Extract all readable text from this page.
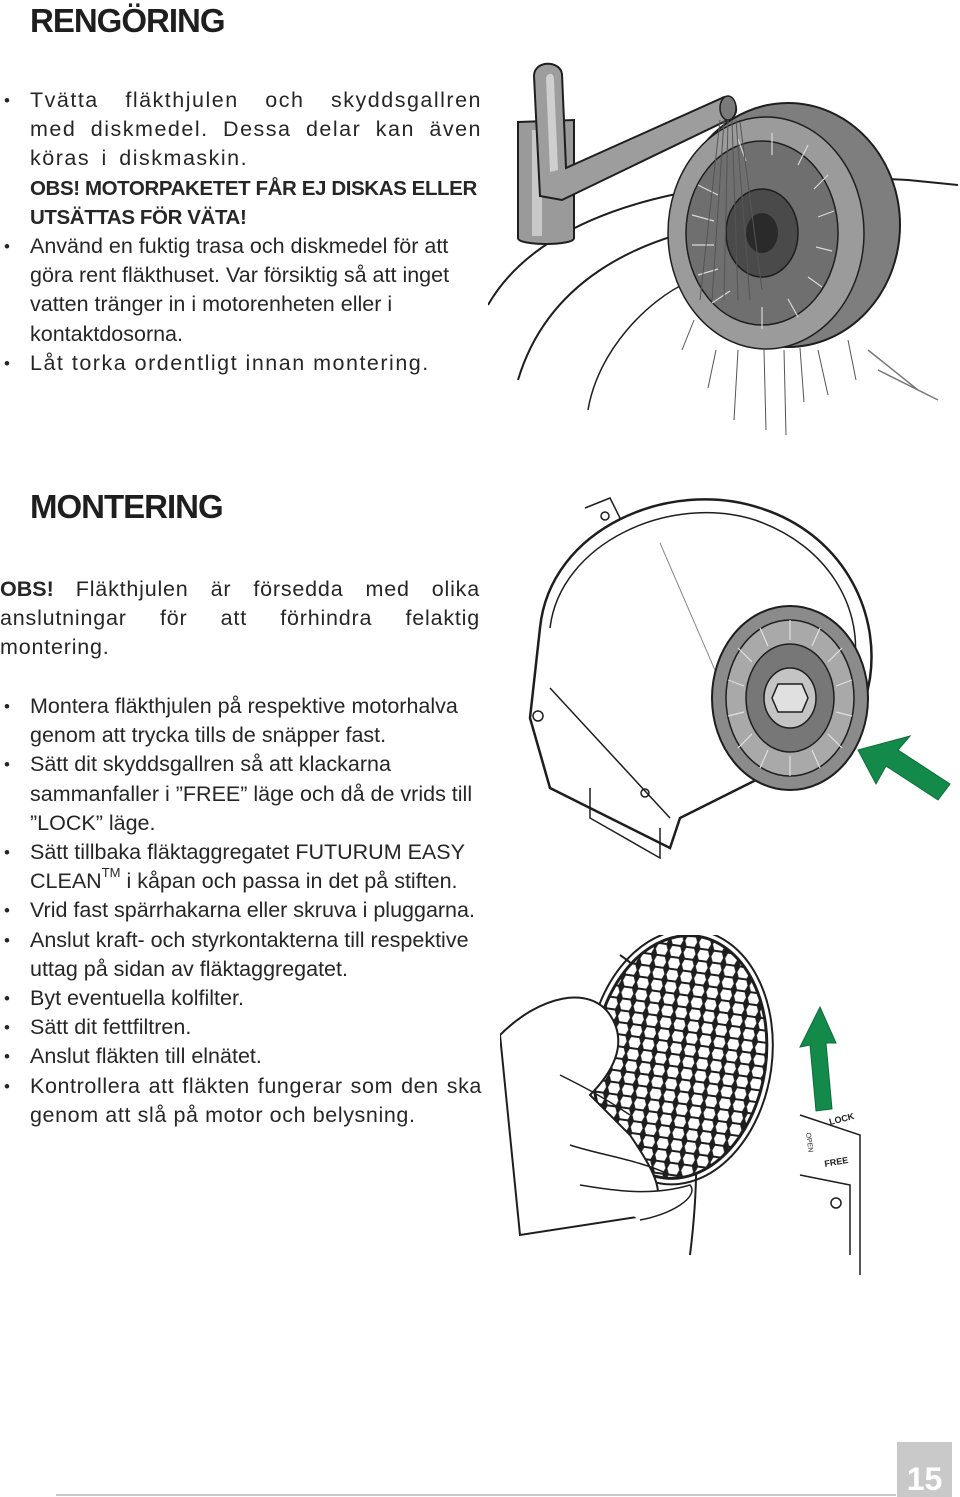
RENGÖRING
• Tvätta fläkthjulen och skyddsgallren med diskmedel. Dessa delar kan även köras i diskmaskin.
OBS! MOTORPAKETET FÅR EJ DISKAS ELLER UTSÄTTAS FÖR VÄTA!
• Använd en fuktig trasa och diskmedel för att göra rent fläkthuset. Var försiktig så att inget vatten tränger in i motorenheten eller i kontaktdosorna.
• Låt torka ordentligt innan montering.
MONTERING

OBS! Fläkthjulen är försedda med olika anslutningar för att förhindra felaktig montering.

• Montera fläkthjulen på respektive motorhalva genom att trycka tills de snäpper fast.
• Sätt dit skyddsgallren så att klackarna sammanfaller i ”FREE” läge och då de vrids till ”LOCK” läge.
• Sätt tillbaka fläktaggregatet FUTURUM EASY CLEAN™ i kåpan och passa in det på stiften.
• Vrid fast spärrhakarna eller skruva i pluggarna.
• Anslut kraft- och styrkontakterna till respektive uttag på sidan av fläktaggregatet.
• Byt eventuella kolfilter.
• Sätt dit fettfiltren.
• Anslut fläkten till elnätet.
• Kontrollera att fläkten fungerar som den ska genom att slå på motor och belysning.	LOCK
FREE
OPEN
15
